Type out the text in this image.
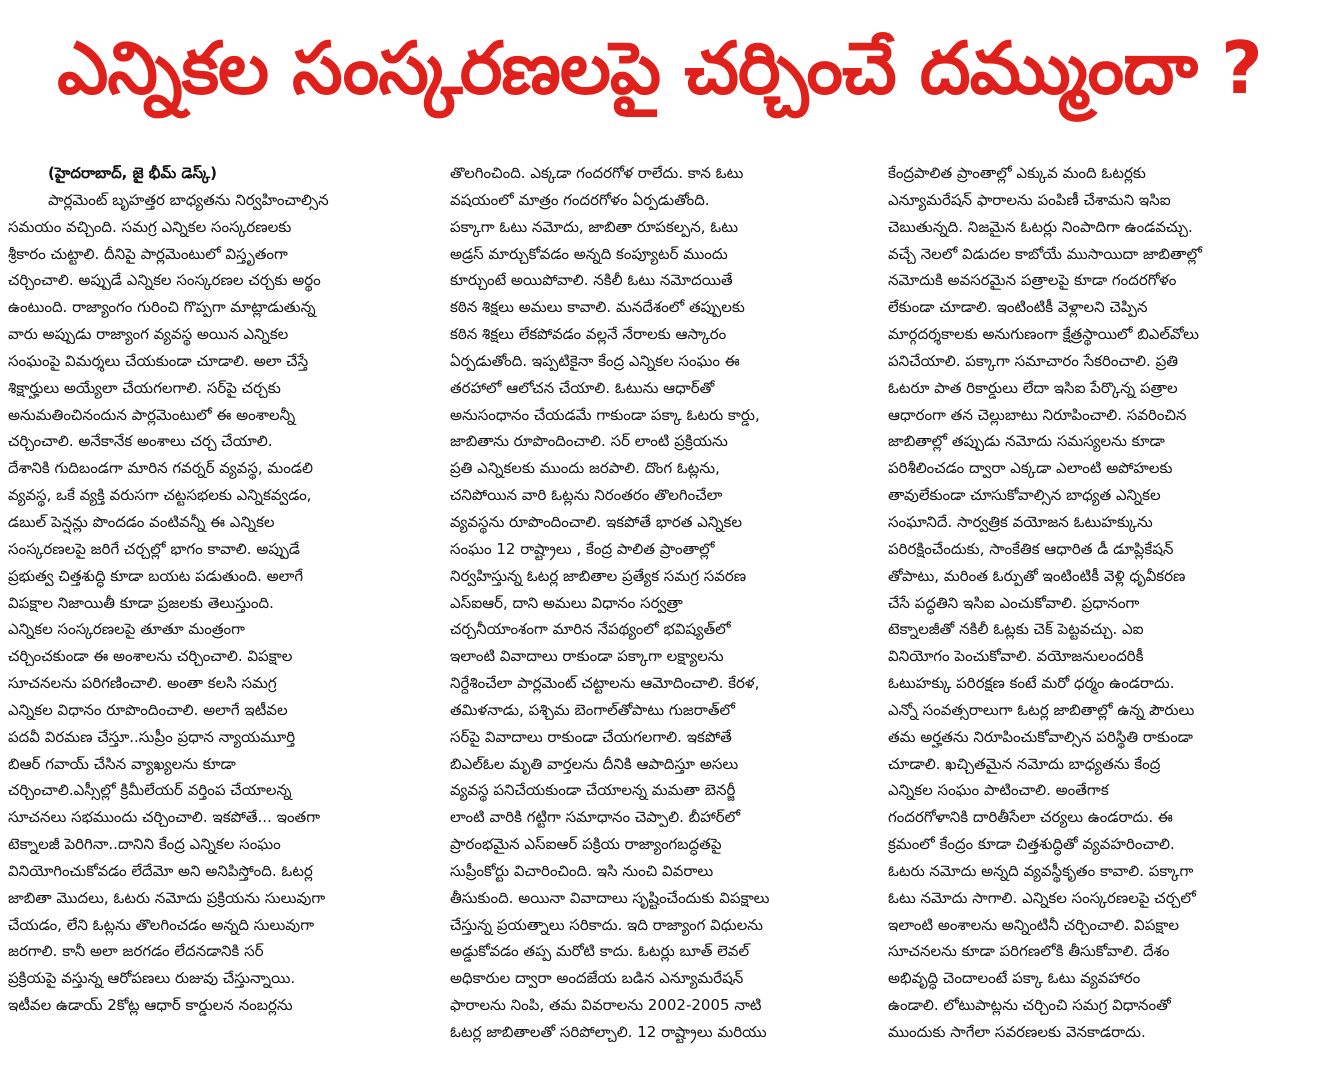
ఎన్నికల సంస్కరణలపై చర్చించే దమ్ముందా ?
(హైదరాబాద్, జై భీమ్ డెస్క్)
పార్లమెంట్ బృహత్తర బాధ్యతను నిర్వహించాల్సిన
సమయం వచ్చింది. సమగ్ర ఎన్నికల సంస్కరణలకు
శ్రీకారం చుట్టాలి. దీనిపై పార్లమెంటులో విస్తృతంగా
చర్చించాలి. అప్పుడే ఎన్నికల సంస్కరణల చర్చకు అర్థం
ఉంటుంది. రాజ్యాంగం గురించి గొప్పగా మాట్లాడుతున్న
వారు అప్పుడు రాజ్యాంగ వ్యవస్థ అయిన ఎన్నికల
సంఘంపై విమర్శలు చేయకుండా చూడాలి. అలా చేస్తే
శిక్షార్హులు అయ్యేలా చేయగలగాలి. సర్‌పై చర్చకు
అనుమతించినందున పార్లమెంటులో ఈ అంశాలన్నీ
చర్చించాలి. అనేకానేక అంశాలు చర్చ చేయాలి.
దేశానికి గుదిబండగా మారిన గవర్నర్ వ్యవస్థ, మండలి
వ్యవస్థ, ఒకే వ్యక్తి వరుసగా చట్టసభలకు ఎన్నికవ్వడం,
డబుల్ పెన్షన్లు పొందడం వంటివన్నీ ఈ ఎన్నికల
సంస్కరణలపై జరిగే చర్చల్లో భాగం కావాలి. అప్పుడే
ప్రభుత్వ చిత్తశుద్ధి కూడా బయట పడుతుంది. అలాగే
విపక్షాల నిజాయితీ కూడా ప్రజలకు తెలుస్తుంది.
ఎన్నికల సంస్కరణలపై తూతూ మంత్రంగా
చర్చించకుండా ఈ అంశాలను చర్చించాలి. విపక్షాల
సూచనలను పరిగణించాలి. అంతా కలసి సమగ్ర
ఎన్నికల విధానం రూపొందించాలి. అలాగే ఇటీవల
పదవీ విరమణ చేస్తూ..సుప్రీం ప్రధాన న్యాయమూర్తి
బిఆర్ గవాయ్ చేసిన వ్యాఖ్యలను కూడా
చర్చించాలి.ఎస్సీల్లో క్రిమీలేయర్ వర్తింప చేయాలన్న
సూచనలు సభముందు చర్చించాలి. ఇకపోతే... ఇంతగా
టెక్నాలజీ పెరిగినా..దానిని కేంద్ర ఎన్నికల సంఘం
వినియోగించుకోవడం లేదేమో అని అనిపిస్తోంది. ఓటర్ల
జాబితా మొదలు, ఓటరు నమోదు ప్రక్రియను సులువుగా
చేయడం, లేని ఓట్లను తొలగించడం అన్నది సులువుగా
జరగాలి. కానీ అలా జరగడం లేదనడానికి సర్
ప్రక్రియపై వస్తున్న ఆరోపణలు రుజువు చేస్తున్నాయి.
ఇటీవల ఉడాయ్ 2కోట్ల ఆధార్ కార్డులన నంబర్లను
తొలగించింది. ఎక్కడా గందరగోళ రాలేదు. కాన ఓటు
వషయంలో మాత్రం గందరగోళం ఏర్పడుతోంది.
పక్కాగా ఓటు నమోదు, జాబితా రూపకల్పన, ఓటు
అడ్రస్ మార్చుకోవడం అన్నది కంప్యూటర్ ముందు
కూర్చుంటే అయిపోవాలి. నకిలీ ఓటు నమోదయితే
కఠిన శిక్షలు అమలు కావాలి. మనదేశంలో తప్పులకు
కఠిన శిక్షలు లేకపోవడం వల్లనే నేరాలకు ఆస్కారం
ఏర్పడుతోంది. ఇప్పటికైనా కేంద్ర ఎన్నికల సంఘం ఈ
తరహాలో ఆలోచన చేయాలి. ఓటును ఆధార్‌తో
అనుసంధానం చేయడమే గాకుండా పక్కా ఓటరు కార్డు,
జాబితాను రూపొందించాలి. సర్ లాంటి ప్రక్రియను
ప్రతి ఎన్నికలకు ముందు జరపాలి. దొంగ ఓట్లను,
చనిపోయిన వారి ఓట్లను నిరంతరం తొలగించేలా
వ్యవస్థను రూపొందించాలి. ఇకపోతే భారత ఎన్నికల
సంఘం 12 రాష్ట్రాలు , కేంద్ర పాలిత ప్రాంతాల్లో
నిర్వహిస్తున్న ఓటర్ల జాబితాల ప్రత్యేక సమగ్ర సవరణ
ఎస్ఐఆర్, దాని అమలు విధానం సర్వత్రా
చర్చనీయాంశంగా మారిన నేపథ్యంలో భవిష్యత్‌లో
ఇలాంటి వివాదాలు రాకుండా పక్కాగా లక్ష్యాలను
నిర్దేశించేలా పార్లమెంట్ చట్టాలను ఆమోదించాలి. కేరళ,
తమిళనాడు, పశ్చిమ బెంగాల్‌తోపాటు గుజరాత్‌లో
సర్‌పై వివాదాలు రాకుండా చేయగలగాలి. ఇకపోతే
బిఎల్ఓల మృతి వార్తలను దీనికి ఆపాదిస్తూ అసలు
వ్యవస్థ పనిచేయకుండా చేయాలన్న మమతా బెనర్జీ
లాంటి వారికి గట్టిగా సమాధానం చెప్పాలి. బీహార్‌లో
ప్రారంభమైన ఎస్ఐఆర్ పక్రియ రాజ్యాంగబద్ధతపై
సుప్రీంకోర్టు విచారించింది. ఇసి నుంచి వివరాలు
తీసుకుంది. అయినా వివాదాలు సృష్టించేందుకు విపక్షాలు
చేస్తున్న ప్రయత్నాలు సరికాదు. ఇది రాజ్యాంగ విధులను
అడ్డుకోవడం తప్ప మరోటి కాదు. ఓటర్లు బూత్ లెవల్
అధికారుల ద్వారా అందజేయ బడిన ఎన్యూమరేషన్
ఫారాలను నింపి, తమ వివరాలను 2002-2005 నాటి
ఓటర్ల జాబితాలతో సరిపోల్చాలి. 12 రాష్ట్రాలు మరియు
కేంద్రపాలిత ప్రాంతాల్లో ఎక్కువ మంది ఓటర్లకు
ఎన్యూమరేషన్ ఫారాలను పంపిణీ చేశామని ఇసిఐ
చెబుతున్నది. నిజమైన ఓటర్లు నింపాదిగా ఉండవచ్చు.
వచ్చే నెలలో విడుదల కాబోయే ముసాయిదా జాబితాల్లో
నమోదుకి అవసరమైన పత్రాలపై కూడా గందరగోళం
లేకుండా చూడాలి. ఇంటింటికీ వెళ్లాలని చెప్పిన
మార్గదర్శకాలకు అనుగుణంగా క్షేత్రస్థాయిలో బిఎల్‌వోలు
పనిచేయాలి. పక్కాగా సమాచారం సేకరించాలి. ప్రతి
ఓటరూ పాత రికార్డులు లేదా ఇసిఐ పేర్కొన్న పత్రాల
ఆధారంగా తన చెల్లుబాటు నిరూపించాలి. సవరించిన
జాబితాల్లో తప్పుడు నమోదు సమస్యలను కూడా
పరిశీలించడం ద్వారా ఎక్కడా ఎలాంటి అపోహలకు
తావులేకుండా చూసుకోవాల్సిన బాధ్యత ఎన్నికల
సంఘానిదే. సార్వత్రిక వయోజన ఓటుహక్కును
పరిరక్షించేందుకు, సాంకేతిక ఆధారిత డీ డూప్లికేషన్
తోపాటు, మరింత ఓర్పుతో ఇంటింటికీ వెళ్లి ధృవీకరణ
చేసే పద్ధతిని ఇసిఐ ఎంచుకోవాలి. ప్రధానంగా
టెక్నాలజీతో నకిలీ ఓట్లకు చెక్ పెట్టవచ్చు. ఎఐ
వినియోగం పెంచుకోవాలి. వయోజనులందరికీ
ఓటుహక్కు పరిరక్షణ కంటే మరో ధర్మం ఉండరాదు.
ఎన్నో సంవత్సరాలుగా ఓటర్ల జాబితాల్లో ఉన్న పౌరులు
తమ అర్హతను నిరూపించుకోవాల్సిన పరిస్థితి రాకుండా
చూడాలి. ఖచ్చితమైన నమోదు బాధ్యతను కేంద్ర
ఎన్నికల సంఘం పాటించాలి. అంతేగాక
గందరగోళానికి దారితీసేలా చర్యలు ఉండరాదు. ఈ
క్రమంలో కేంద్రం కూడా చిత్తశుద్ధితో వ్యవహరించాలి.
ఓటరు నమోదు అన్నది వ్యవస్థీకృతం కావాలి. పక్కాగా
ఓటు నమోదు సాగాలి. ఎన్నికల సంస్కరణలపై చర్చలో
ఇలాంటి అంశాలను అన్నింటినీ చర్చించాలి. విపక్షాల
సూచనలను కూడా పరిగణలోకి తీసుకోవాలి. దేశం
అభివృద్ధి చెందాలంటే పక్కా ఓటు వ్యవహారం
ఉండాలి. లోటుపాట్లను చర్చించి సమగ్ర విధానంతో
ముందుకు సాగేలా సవరణలకు వెనకాడరాదు.
